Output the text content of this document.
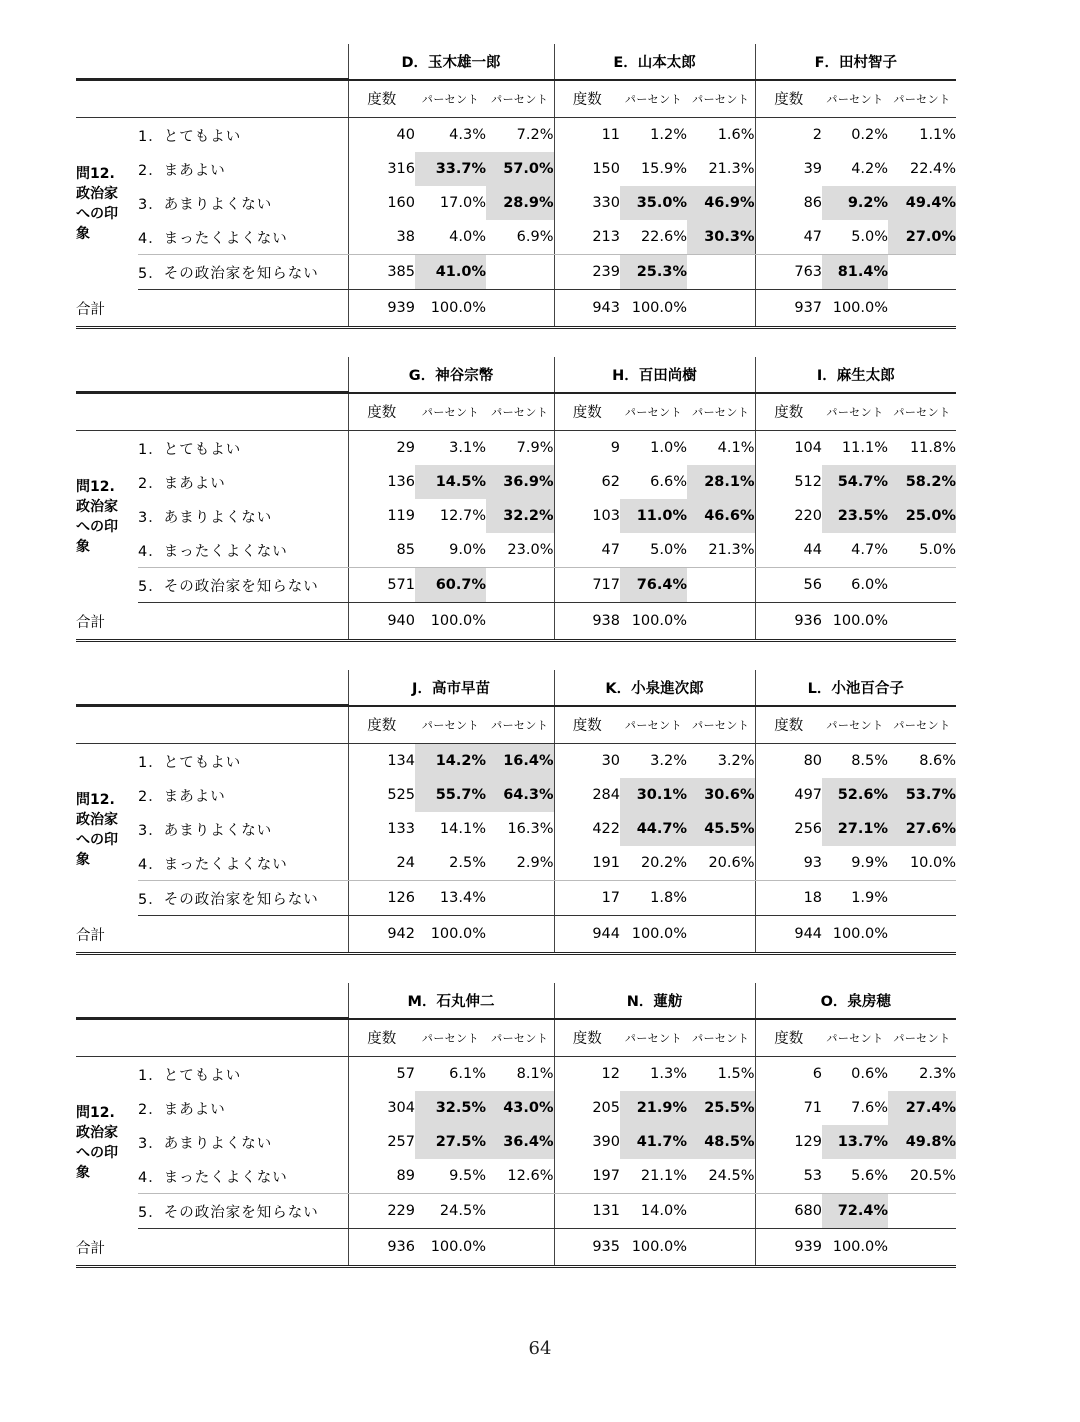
		D．玉木雄一郎			E．山本太郎			F．田村智子		
		度数	パーセント	パーセント	度数	パーセント	パーセント	度数	パーセント	パーセント
問12.
政治家
への印
象	1．とてもよい	40	4.3%	7.2%	11	1.2%	1.6%	2	0.2%	1.1%
	2．まあよい	316	33.7%	57.0%	150	15.9%	21.3%	39	4.2%	22.4%
	3．あまりよくない	160	17.0%	28.9%	330	35.0%	46.9%	86	9.2%	49.4%
	4．まったくよくない	38	4.0%	6.9%	213	22.6%	30.3%	47	5.0%	27.0%
	5．その政治家を知らない	385	41.0%		239	25.3%		763	81.4%	
合計		939	100.0%		943	100.0%		937	100.0%	
		G．神谷宗幣			H．百田尚樹			I．麻生太郎		
		度数	パーセント	パーセント	度数	パーセント	パーセント	度数	パーセント	パーセント
問12.
政治家
への印
象	1．とてもよい	29	3.1%	7.9%	9	1.0%	4.1%	104	11.1%	11.8%
	2．まあよい	136	14.5%	36.9%	62	6.6%	28.1%	512	54.7%	58.2%
	3．あまりよくない	119	12.7%	32.2%	103	11.0%	46.6%	220	23.5%	25.0%
	4．まったくよくない	85	9.0%	23.0%	47	5.0%	21.3%	44	4.7%	5.0%
	5．その政治家を知らない	571	60.7%		717	76.4%		56	6.0%	
合計		940	100.0%		938	100.0%		936	100.0%	
		J．高市早苗			K．小泉進次郎			L．小池百合子		
		度数	パーセント	パーセント	度数	パーセント	パーセント	度数	パーセント	パーセント
問12.
政治家
への印
象	1．とてもよい	134	14.2%	16.4%	30	3.2%	3.2%	80	8.5%	8.6%
	2．まあよい	525	55.7%	64.3%	284	30.1%	30.6%	497	52.6%	53.7%
	3．あまりよくない	133	14.1%	16.3%	422	44.7%	45.5%	256	27.1%	27.6%
	4．まったくよくない	24	2.5%	2.9%	191	20.2%	20.6%	93	9.9%	10.0%
	5．その政治家を知らない	126	13.4%		17	1.8%		18	1.9%	
合計		942	100.0%		944	100.0%		944	100.0%	
		M．石丸伸二			N．蓮舫			O．泉房穂		
		度数	パーセント	パーセント	度数	パーセント	パーセント	度数	パーセント	パーセント
問12.
政治家
への印
象	1．とてもよい	57	6.1%	8.1%	12	1.3%	1.5%	6	0.6%	2.3%
	2．まあよい	304	32.5%	43.0%	205	21.9%	25.5%	71	7.6%	27.4%
	3．あまりよくない	257	27.5%	36.4%	390	41.7%	48.5%	129	13.7%	49.8%
	4．まったくよくない	89	9.5%	12.6%	197	21.1%	24.5%	53	5.6%	20.5%
	5．その政治家を知らない	229	24.5%		131	14.0%		680	72.4%	
合計		936	100.0%		935	100.0%		939	100.0%	
64
